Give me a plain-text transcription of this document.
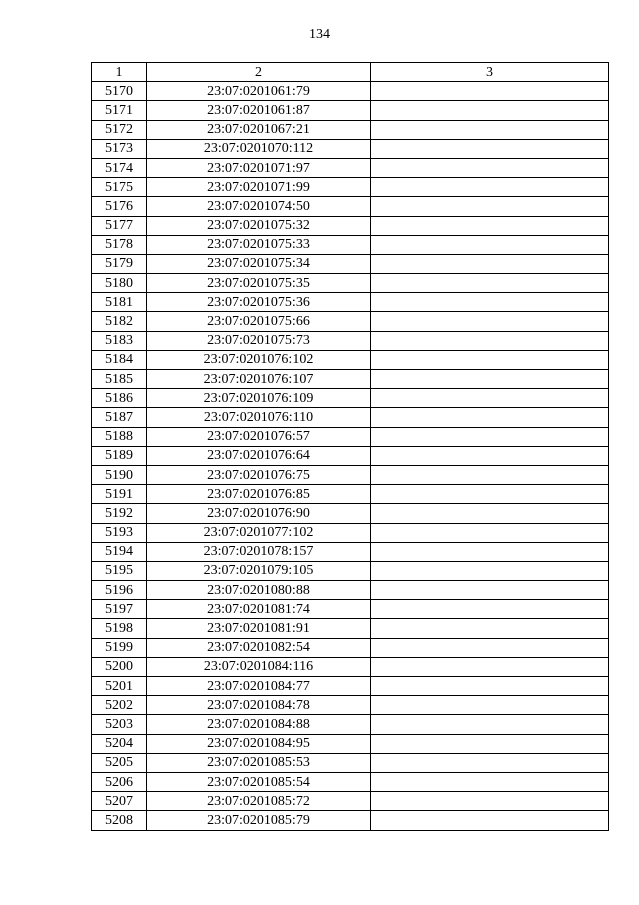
134
1	2	3
5170	23:07:0201061:79	
5171	23:07:0201061:87	
5172	23:07:0201067:21	
5173	23:07:0201070:112	
5174	23:07:0201071:97	
5175	23:07:0201071:99	
5176	23:07:0201074:50	
5177	23:07:0201075:32	
5178	23:07:0201075:33	
5179	23:07:0201075:34	
5180	23:07:0201075:35	
5181	23:07:0201075:36	
5182	23:07:0201075:66	
5183	23:07:0201075:73	
5184	23:07:0201076:102	
5185	23:07:0201076:107	
5186	23:07:0201076:109	
5187	23:07:0201076:110	
5188	23:07:0201076:57	
5189	23:07:0201076:64	
5190	23:07:0201076:75	
5191	23:07:0201076:85	
5192	23:07:0201076:90	
5193	23:07:0201077:102	
5194	23:07:0201078:157	
5195	23:07:0201079:105	
5196	23:07:0201080:88	
5197	23:07:0201081:74	
5198	23:07:0201081:91	
5199	23:07:0201082:54	
5200	23:07:0201084:116	
5201	23:07:0201084:77	
5202	23:07:0201084:78	
5203	23:07:0201084:88	
5204	23:07:0201084:95	
5205	23:07:0201085:53	
5206	23:07:0201085:54	
5207	23:07:0201085:72	
5208	23:07:0201085:79	
